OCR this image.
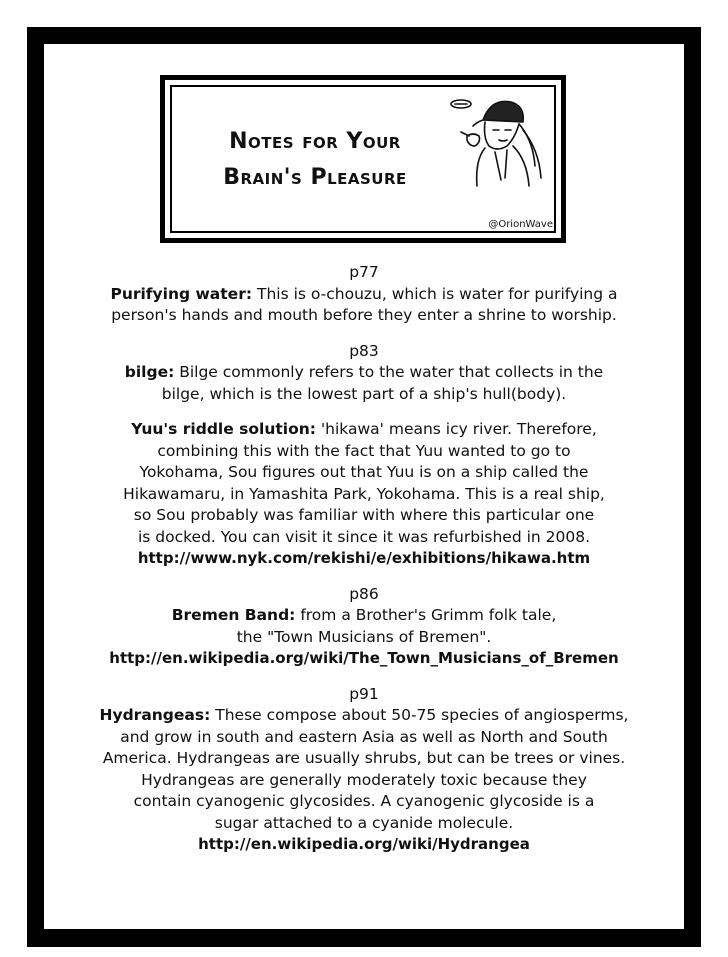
Notes for Your
Brain's Pleasure
@OrionWave

p77

Purifying water: This is o-chouzu, which is water for purifying a

person's hands and mouth before they enter a shrine to worship.

p83

bilge: Bilge commonly refers to the water that collects in the

bilge, which is the lowest part of a ship's hull(body).

Yuu's riddle solution: 'hikawa' means icy river. Therefore,

combining this with the fact that Yuu wanted to go to

Yokohama, Sou figures out that Yuu is on a ship called the

Hikawamaru, in Yamashita Park, Yokohama. This is a real ship,

so Sou probably was familiar with where this particular one

is docked. You can visit it since it was refurbished in 2008.

http://www.nyk.com/rekishi/e/exhibitions/hikawa.htm

p86

Bremen Band: from a Brother's Grimm folk tale,

the "Town Musicians of Bremen".

http://en.wikipedia.org/wiki/The_Town_Musicians_of_Bremen

p91

Hydrangeas: These compose about 50-75 species of angiosperms,

and grow in south and eastern Asia as well as North and South

America. Hydrangeas are usually shrubs, but can be trees or vines.

Hydrangeas are generally moderately toxic because they

contain cyanogenic glycosides. A cyanogenic glycoside is a

sugar attached to a cyanide molecule.

http://en.wikipedia.org/wiki/Hydrangea
